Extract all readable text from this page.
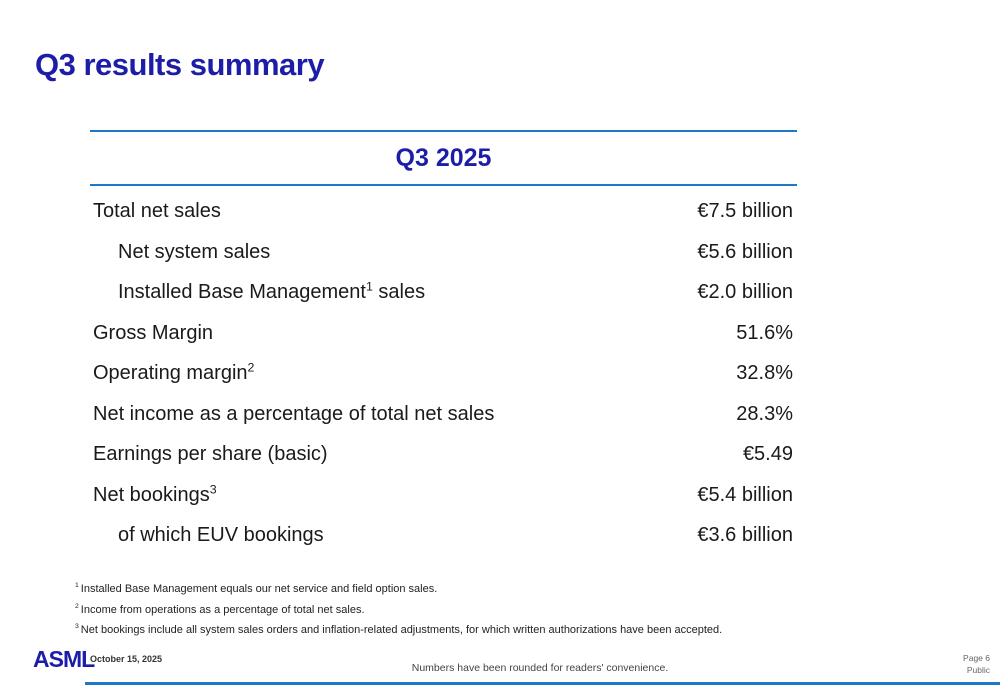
Q3 results summary
Q3 2025
Total net sales	€7.5 billion
Net system sales	€5.6 billion
Installed Base Management$^1$ sales	€2.0 billion
Gross Margin	51.6%
Operating margin$^2$	32.8%
Net income as a percentage of total net sales	28.3%
Earnings per share (basic)	€5.49
Net bookings$^3$	€5.4 billion
of which EUV bookings	€3.6 billion
$^1$ Installed Base Management equals our net service and field option sales.
$^2$ Income from operations as a percentage of total net sales.
$^3$ Net bookings include all system sales orders and inflation-related adjustments, for which written authorizations have been accepted.
ASML
October 15, 2025
Numbers have been rounded for readers' convenience.
Page 6
Public
